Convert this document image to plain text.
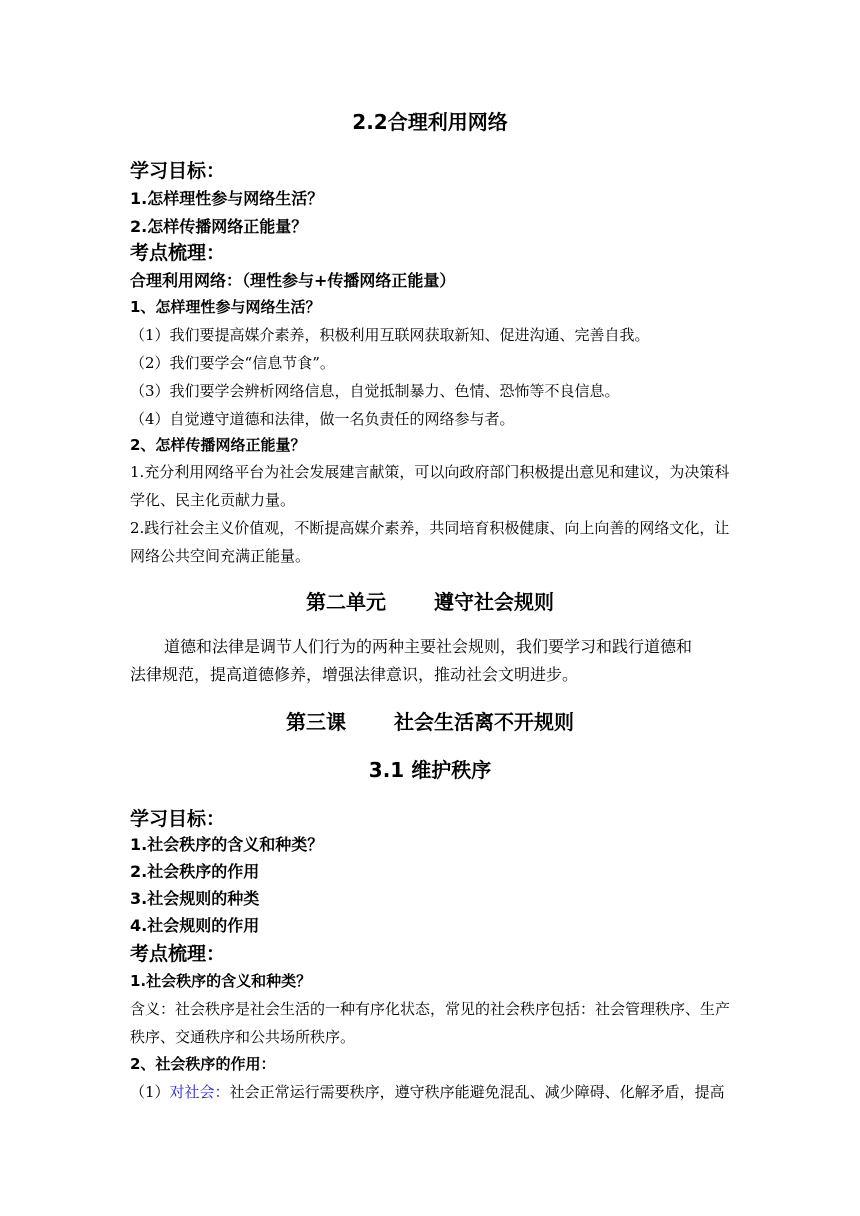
2.2合理利用网络
学习目标：
1.怎样理性参与网络生活？
2.怎样传播网络正能量？
考点梳理：
合理利用网络：（理性参与+传播网络正能量）
1、怎样理性参与网络生活？
（1）我们要提高媒介素养，积极利用互联网获取新知、促进沟通、完善自我。
（2）我们要学会“信息节食”。
（3）我们要学会辨析网络信息，自觉抵制暴力、色情、恐怖等不良信息。
（4）自觉遵守道德和法律，做一名负责任的网络参与者。
2、怎样传播网络正能量？
1.充分利用网络平台为社会发展建言献策，可以向政府部门积极提出意见和建议，为决策科
学化、民主化贡献力量。
2.践行社会主义价值观，不断提高媒介素养，共同培育积极健康、向上向善的网络文化，让
网络公共空间充满正能量。
第二单元 遵守社会规则
道德和法律是调节人们行为的两种主要社会规则，我们要学习和践行道德和
法律规范，提高道德修养，增强法律意识，推动社会文明进步。
第三课 社会生活离不开规则
3.1 维护秩序
学习目标：
1.社会秩序的含义和种类？
2.社会秩序的作用
3.社会规则的种类
4.社会规则的作用
考点梳理：
1.社会秩序的含义和种类？
含义：社会秩序是社会生活的一种有序化状态，常见的社会秩序包括：社会管理秩序、生产
秩序、交通秩序和公共场所秩序。
2、社会秩序的作用：
（1）对社会：社会正常运行需要秩序，遵守秩序能避免混乱、减少障碍、化解矛盾，提高
